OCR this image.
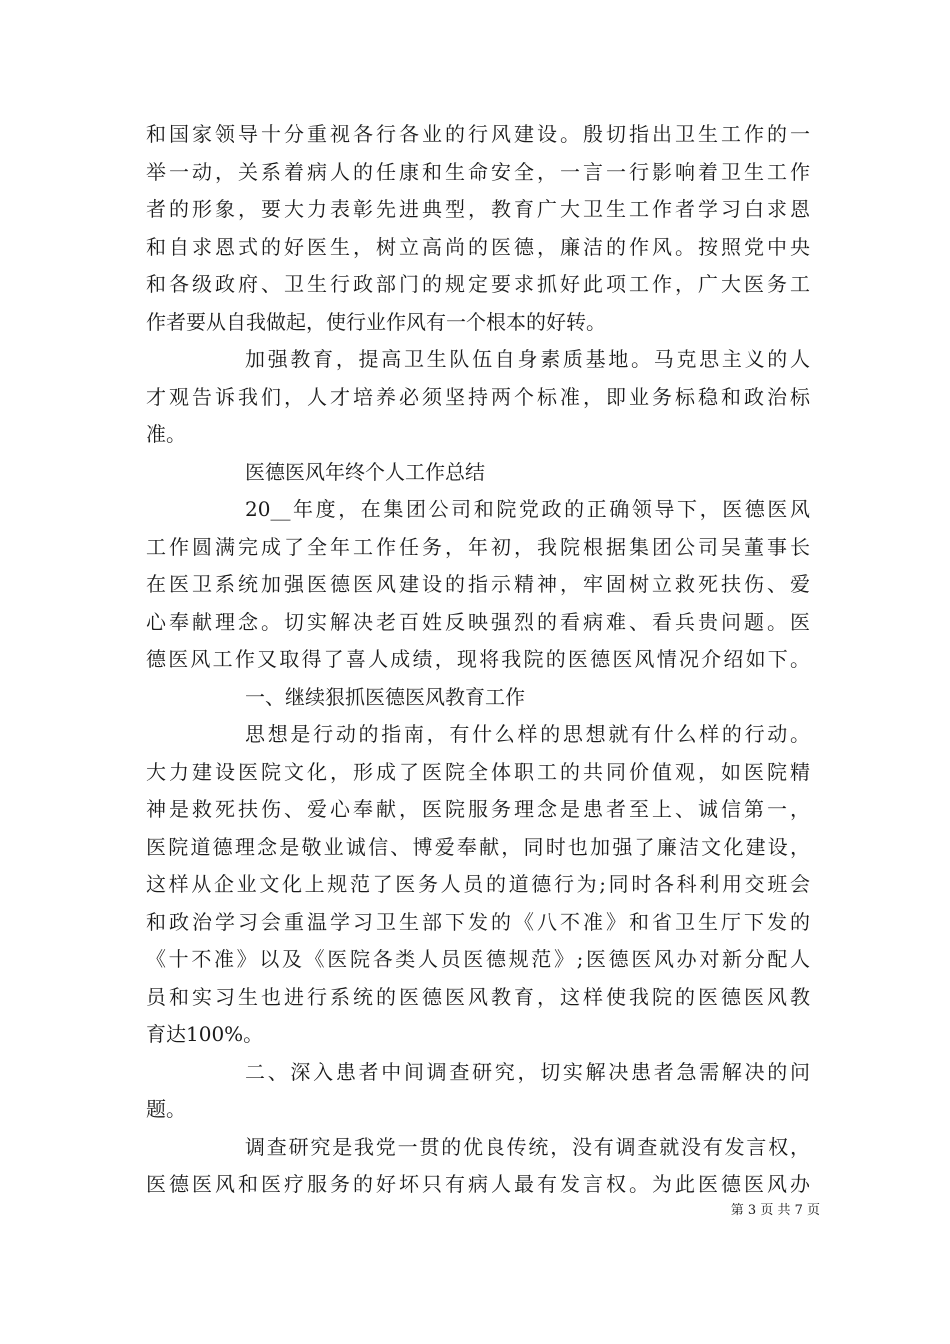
和国家领导十分重视各行各业的行风建设。殷切指出卫生工作的一
举一动，关系着病人的任康和生命安全，一言一行影响着卫生工作
者的形象，要大力表彰先进典型，教育广大卫生工作者学习白求恩
和自求恩式的好医生，树立高尚的医德，廉洁的作风。按照党中央
和各级政府、卫生行政部门的规定要求抓好此项工作，广大医务工
作者要从自我做起，使行业作风有一个根本的好转。
加强教育，提高卫生队伍自身素质基地。马克思主义的人
才观告诉我们，人才培养必须坚持两个标准，即业务标稳和政治标
准。
医德医风年终个人工作总结
20__年度，在集团公司和院党政的正确领导下，医德医风
工作圆满完成了全年工作任务，年初，我院根据集团公司吴董事长
在医卫系统加强医德医风建设的指示精神，牢固树立救死扶伤、爱
心奉献理念。切实解决老百姓反映强烈的看病难、看兵贵问题。医
德医风工作又取得了喜人成绩，现将我院的医德医风情况介绍如下。
一、继续狠抓医德医风教育工作
思想是行动的指南，有什么样的思想就有什么样的行动。
大力建设医院文化，形成了医院全体职工的共同价值观，如医院精
神是救死扶伤、爱心奉献，医院服务理念是患者至上、诚信第一，
医院道德理念是敬业诚信、博爱奉献，同时也加强了廉洁文化建设，
这样从企业文化上规范了医务人员的道德行为;同时各科利用交班会
和政治学习会重温学习卫生部下发的《八不准》和省卫生厅下发的
《十不准》以及《医院各类人员医德规范》;医德医风办对新分配人
员和实习生也进行系统的医德医风教育，这样使我院的医德医风教
育达100%。
二、深入患者中间调查研究，切实解决患者急需解决的问
题。
调查研究是我党一贯的优良传统，没有调查就没有发言权，
医德医风和医疗服务的好坏只有病人最有发言权。为此医德医风办
第 3 页 共 7 页
